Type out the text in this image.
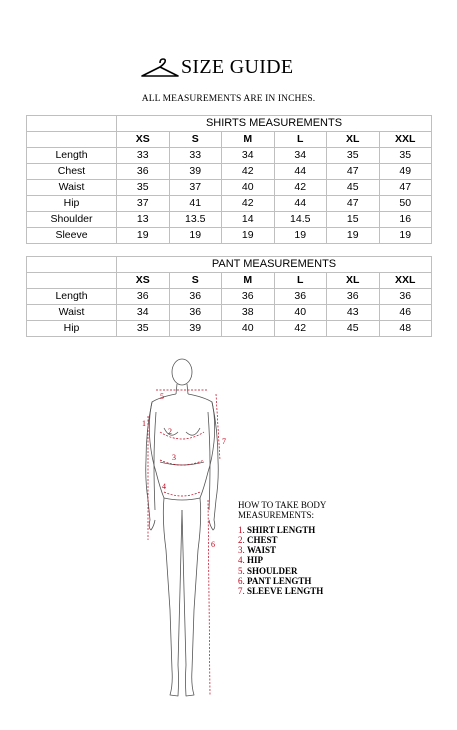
SIZE GUIDE
ALL MEASUREMENTS ARE IN INCHES.
	SHIRTS MEASUREMENTS					
	XS	S	M	L	XL	XXL
Length	33	33	34	34	35	35
Chest	36	39	42	44	47	49
Waist	35	37	40	42	45	47
Hip	37	41	42	44	47	50
Shoulder	13	13.5	14	14.5	15	16
Sleeve	19	19	19	19	19	19
	PANT MEASUREMENTS					
	XS	S	M	L	XL	XXL
Length	36	36	36	36	36	36
Waist	34	36	38	40	43	46
Hip	35	39	40	42	45	48
5
1
2
3
4
7
6
HOW TO TAKE BODY
MEASUREMENTS:
1. SHIRT LENGTH
2. CHEST
3. WAIST
4. HIP
5. SHOULDER
6. PANT LENGTH
7. SLEEVE LENGTH
